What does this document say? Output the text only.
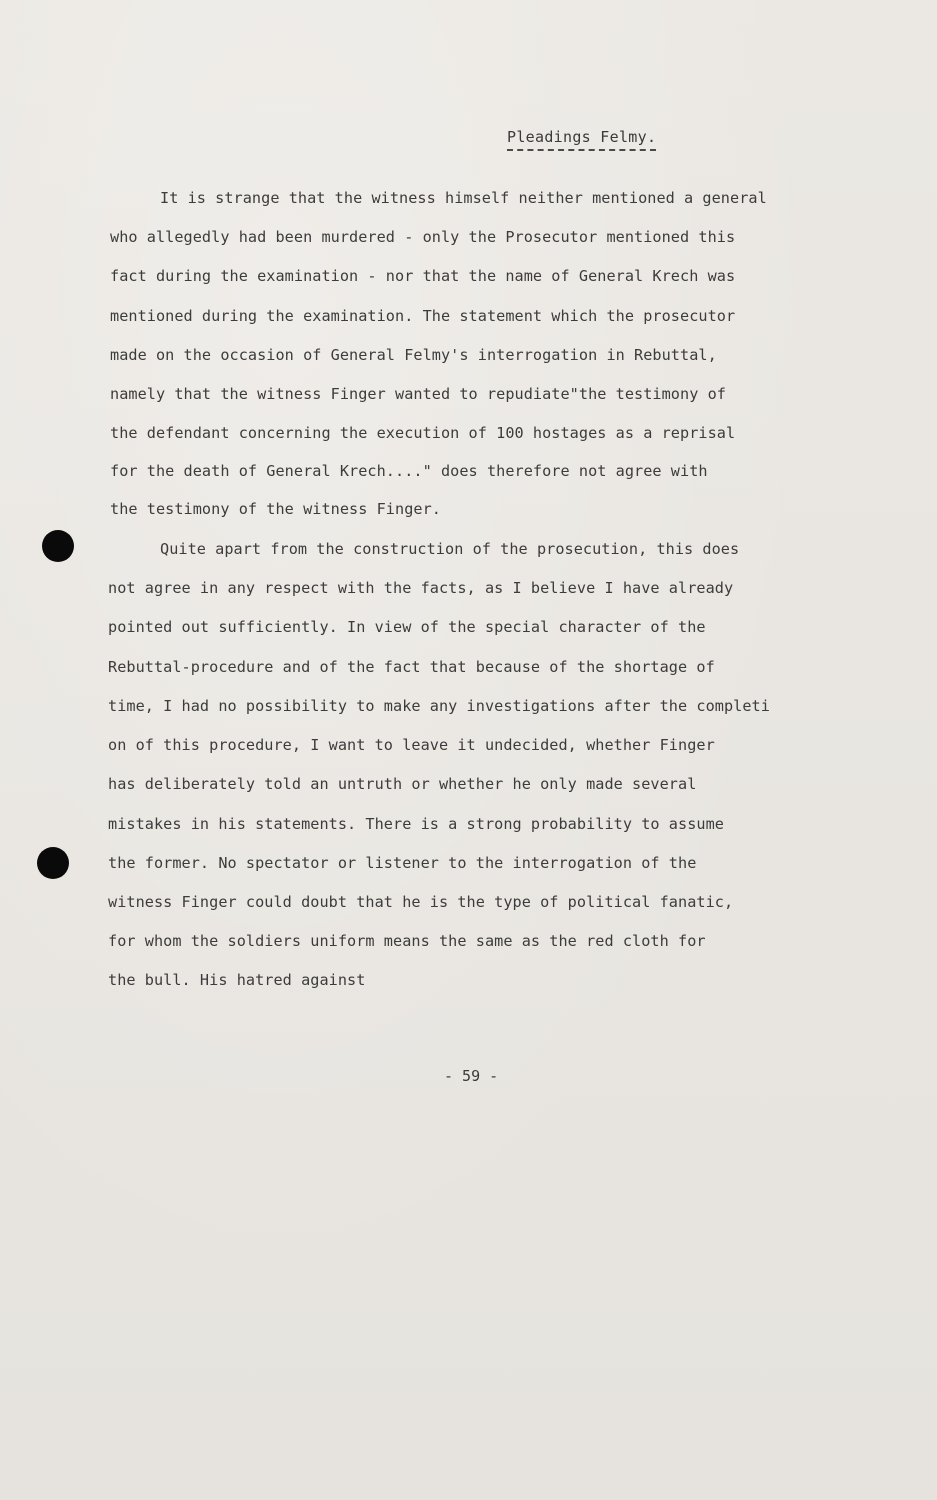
Pleadings Felmy.
It is strange that the witness himself neither mentioned a general
who allegedly had been murdered - only the Prosecutor mentioned this
fact during the examination - nor that the name of General Krech was
mentioned during the examination. The statement which the prosecutor
made on the occasion of General Felmy's interrogation in Rebuttal,
namely that the witness Finger wanted to repudiate"the testimony of
the defendant concerning the execution of 100 hostages as a reprisal
for the death of General Krech...." does therefore not agree with
the testimony of the witness Finger.
Quite apart from the construction of the prosecution, this does
not agree in any respect with the facts, as I believe I have already
pointed out sufficiently. In view of the special character of the
Rebuttal-procedure and of the fact that because of the shortage of
time, I had no possibility to make any investigations after the completi
on of this procedure, I want to leave it undecided, whether Finger
has deliberately told an untruth or whether he only made several
mistakes in his statements. There is a strong probability to assume
the former. No spectator or listener to the interrogation of the
witness Finger could doubt that he is the type of political fanatic,
for whom the soldiers uniform means the same as the red cloth for
the bull. His hatred against
- 59 -
